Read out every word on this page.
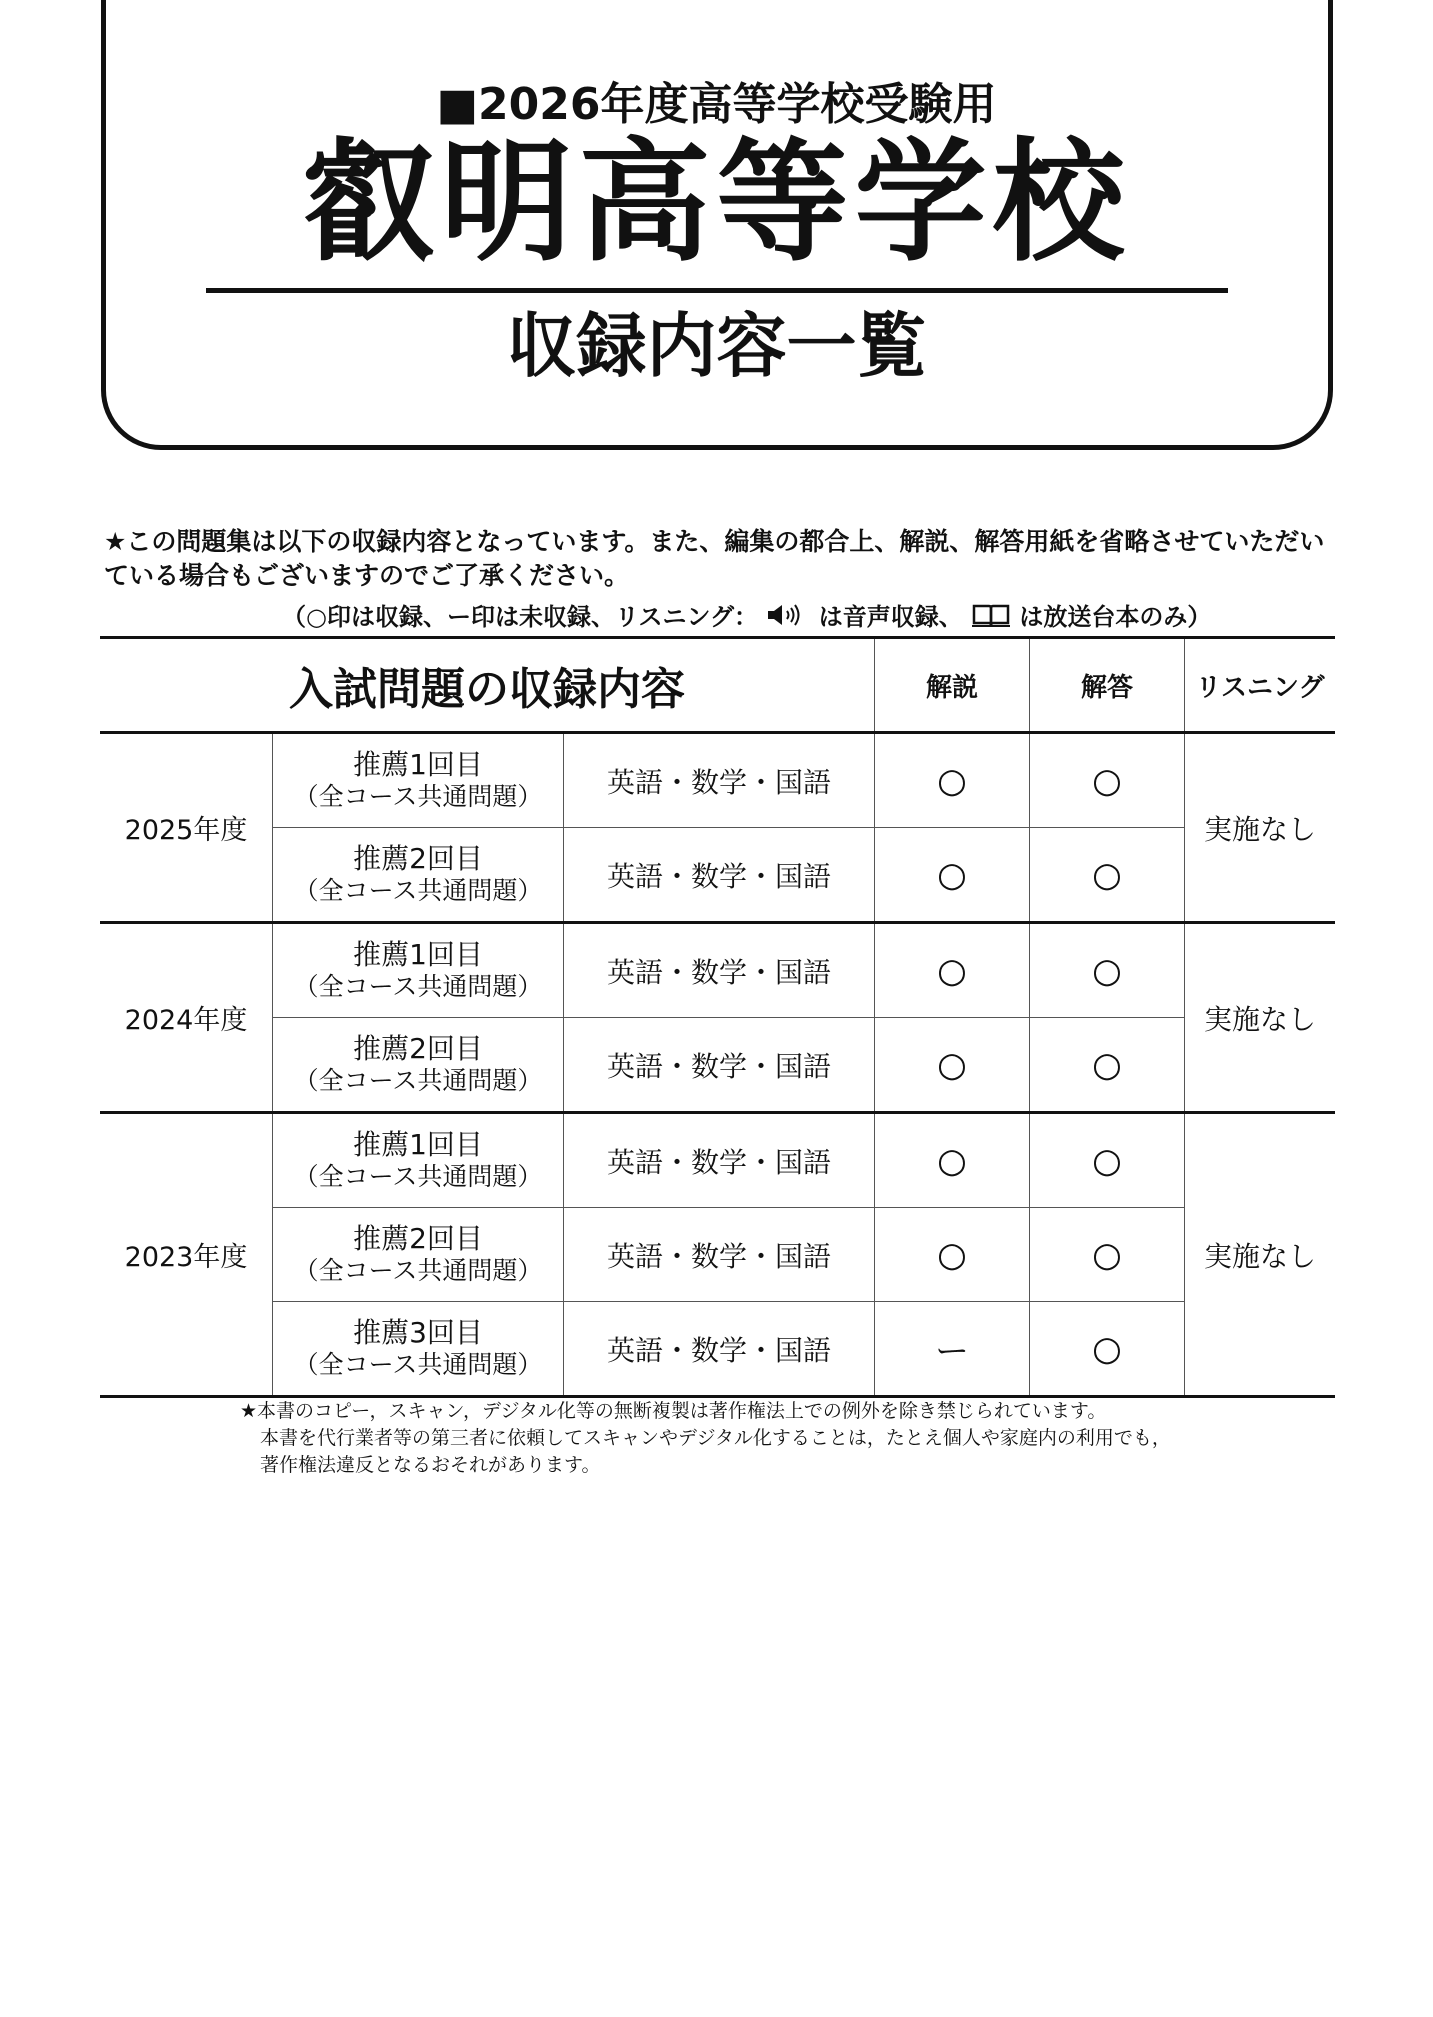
■2026年度高等学校受験用
叡明高等学校
収録内容一覧
★この問題集は以下の収録内容となっています。また、編集の都合上、解説、解答用紙を省略させていただいている場合もございますのでご了承ください。
（○印は収録、ー印は未収録、リスニング：	は音声収録、  は放送台本のみ）
入試問題の収録内容			解説	解答	リスニング
2025年度	推薦1回目
（全コース共通問題）	英語・数学・国語	○	○	実施なし
	推薦2回目
（全コース共通問題）	英語・数学・国語	○	○	
2024年度	推薦1回目
（全コース共通問題）	英語・数学・国語	○	○	実施なし
	推薦2回目
（全コース共通問題）	英語・数学・国語	○	○	
2023年度	推薦1回目
（全コース共通問題）	英語・数学・国語	○	○	実施なし
	推薦2回目
（全コース共通問題）	英語・数学・国語	○	○	
	推薦3回目
（全コース共通問題）	英語・数学・国語	ー	○	
★本書のコピー，スキャン，デジタル化等の無断複製は著作権法上での例外を除き禁じられています。
本書を代行業者等の第三者に依頼してスキャンやデジタル化することは，たとえ個人や家庭内の利用でも，
著作権法違反となるおそれがあります。
